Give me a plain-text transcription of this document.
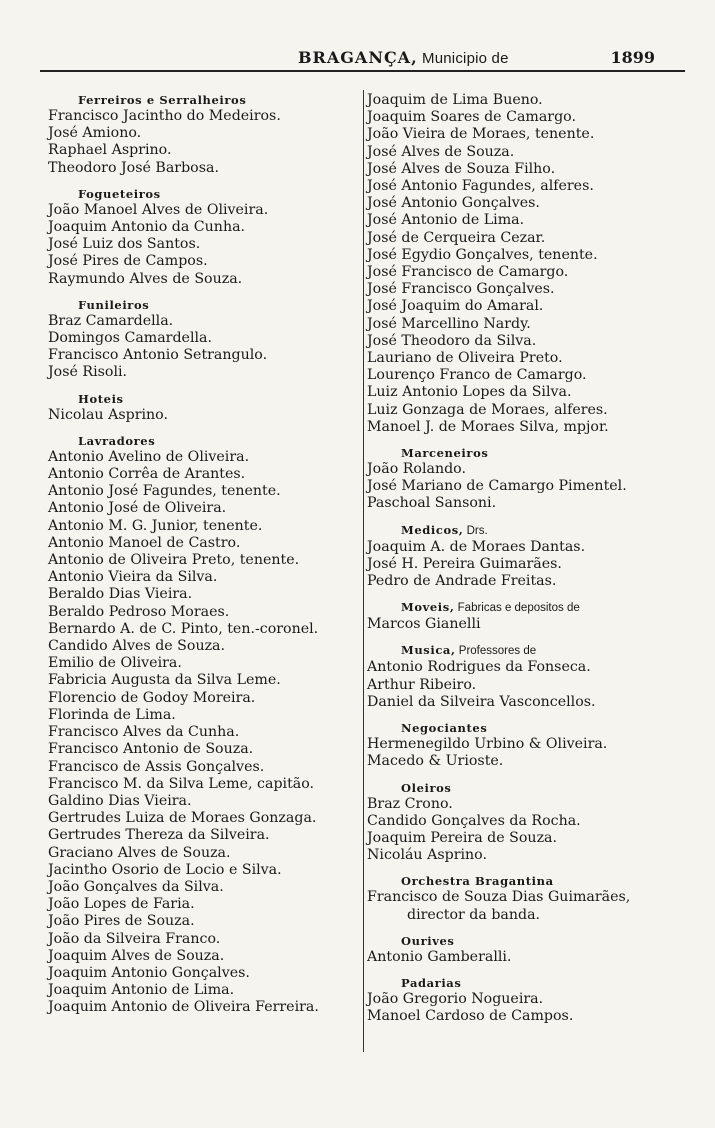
BRAGANÇA, Municipio de	1899
Ferreiros e Serralheiros
Francisco Jacintho do Medeiros.
José Amiono.
Raphael Asprino.
Theodoro José Barbosa.
Fogueteiros
João Manoel Alves de Oliveira.
Joaquim Antonio da Cunha.
José Luiz dos Santos.
José Pires de Campos.
Raymundo Alves de Souza.
Funileiros
Braz Camardella.
Domingos Camardella.
Francisco Antonio Setrangulo.
José Risoli.
Hoteis
Nicolau Asprino.
Lavradores
Antonio Avelino de Oliveira.
Antonio Corrêa de Arantes.
Antonio José Fagundes, tenente.
Antonio José de Oliveira.
Antonio M. G. Junior, tenente.
Antonio Manoel de Castro.
Antonio de Oliveira Preto, tenente.
Antonio Vieira da Silva.
Beraldo Dias Vieira.
Beraldo Pedroso Moraes.
Bernardo A. de C. Pinto, ten.-coronel.
Candido Alves de Souza.
Emilio de Oliveira.
Fabricia Augusta da Silva Leme.
Florencio de Godoy Moreira.
Florinda de Lima.
Francisco Alves da Cunha.
Francisco Antonio de Souza.
Francisco de Assis Gonçalves.
Francisco M. da Silva Leme, capitão.
Galdino Dias Vieira.
Gertrudes Luiza de Moraes Gonzaga.
Gertrudes Thereza da Silveira.
Graciano Alves de Souza.
Jacintho Osorio de Locio e Silva.
João Gonçalves da Silva.
João Lopes de Faria.
João Pires de Souza.
João da Silveira Franco.
Joaquim Alves de Souza.
Joaquim Antonio Gonçalves.
Joaquim Antonio de Lima.
Joaquim Antonio de Oliveira Ferreira.
Joaquim de Lima Bueno.
Joaquim Soares de Camargo.
João Vieira de Moraes, tenente.
José Alves de Souza.
José Alves de Souza Filho.
José Antonio Fagundes, alferes.
José Antonio Gonçalves.
José Antonio de Lima.
José de Cerqueira Cezar.
José Egydio Gonçalves, tenente.
José Francisco de Camargo.
José Francisco Gonçalves.
José Joaquim do Amaral.
José Marcellino Nardy.
José Theodoro da Silva.
Lauriano de Oliveira Preto.
Lourenço Franco de Camargo.
Luiz Antonio Lopes da Silva.
Luiz Gonzaga de Moraes, alferes.
Manoel J. de Moraes Silva, mpjor.
Marceneiros
João Rolando.
José Mariano de Camargo Pimentel.
Paschoal Sansoni.
Medicos, Drs.
Joaquim A. de Moraes Dantas.
José H. Pereira Guimarães.
Pedro de Andrade Freitas.
Moveis, Fabricas e depositos de
Marcos Gianelli
Musica, Professores de
Antonio Rodrigues da Fonseca.
Arthur Ribeiro.
Daniel da Silveira Vasconcellos.
Negociantes
Hermenegildo Urbino & Oliveira.
Macedo & Urioste.
Oleiros
Braz Crono.
Candido Gonçalves da Rocha.
Joaquim Pereira de Souza.
Nicoláu Asprino.
Orchestra Bragantina
Francisco de Souza Dias Guimarães,
director da banda.
Ourives
Antonio Gamberalli.
Padarias
João Gregorio Nogueira.
Manoel Cardoso de Campos.
